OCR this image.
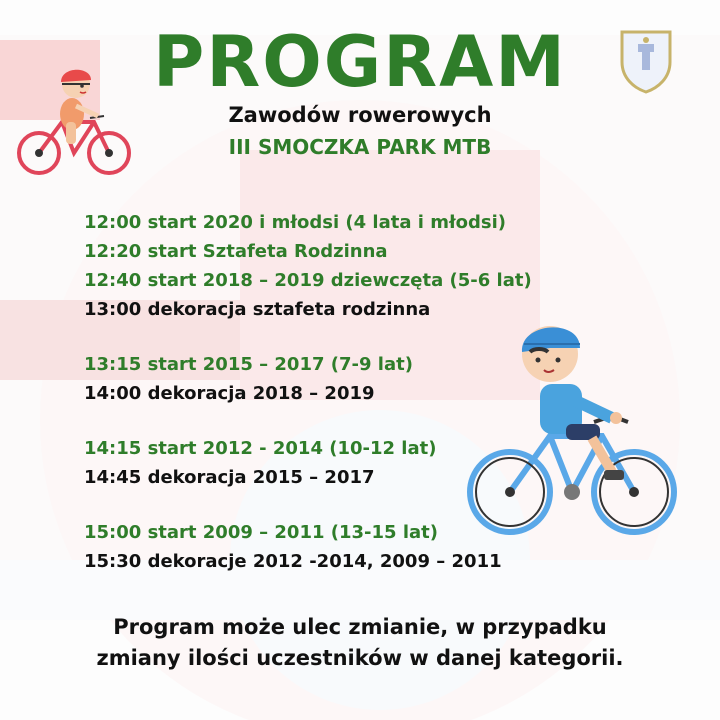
PROGRAM
Zawodów rowerowych
III SMOCZKA PARK MTB
12:00 start 2020 i młodsi (4 lata i młodsi)
12:20 start Sztafeta Rodzinna
12:40 start 2018 – 2019 dziewczęta (5-6 lat)
13:00 dekoracja sztafeta rodzinna
13:15 start 2015 – 2017 (7-9 lat)
14:00 dekoracja 2018 – 2019
14:15 start 2012 - 2014 (10-12 lat)
14:45 dekoracja 2015 – 2017
15:00 start 2009 – 2011 (13-15 lat)
15:30 dekoracje 2012 -2014, 2009 – 2011
Program może ulec zmianie, w przypadku
zmiany ilości uczestników w danej kategorii.
